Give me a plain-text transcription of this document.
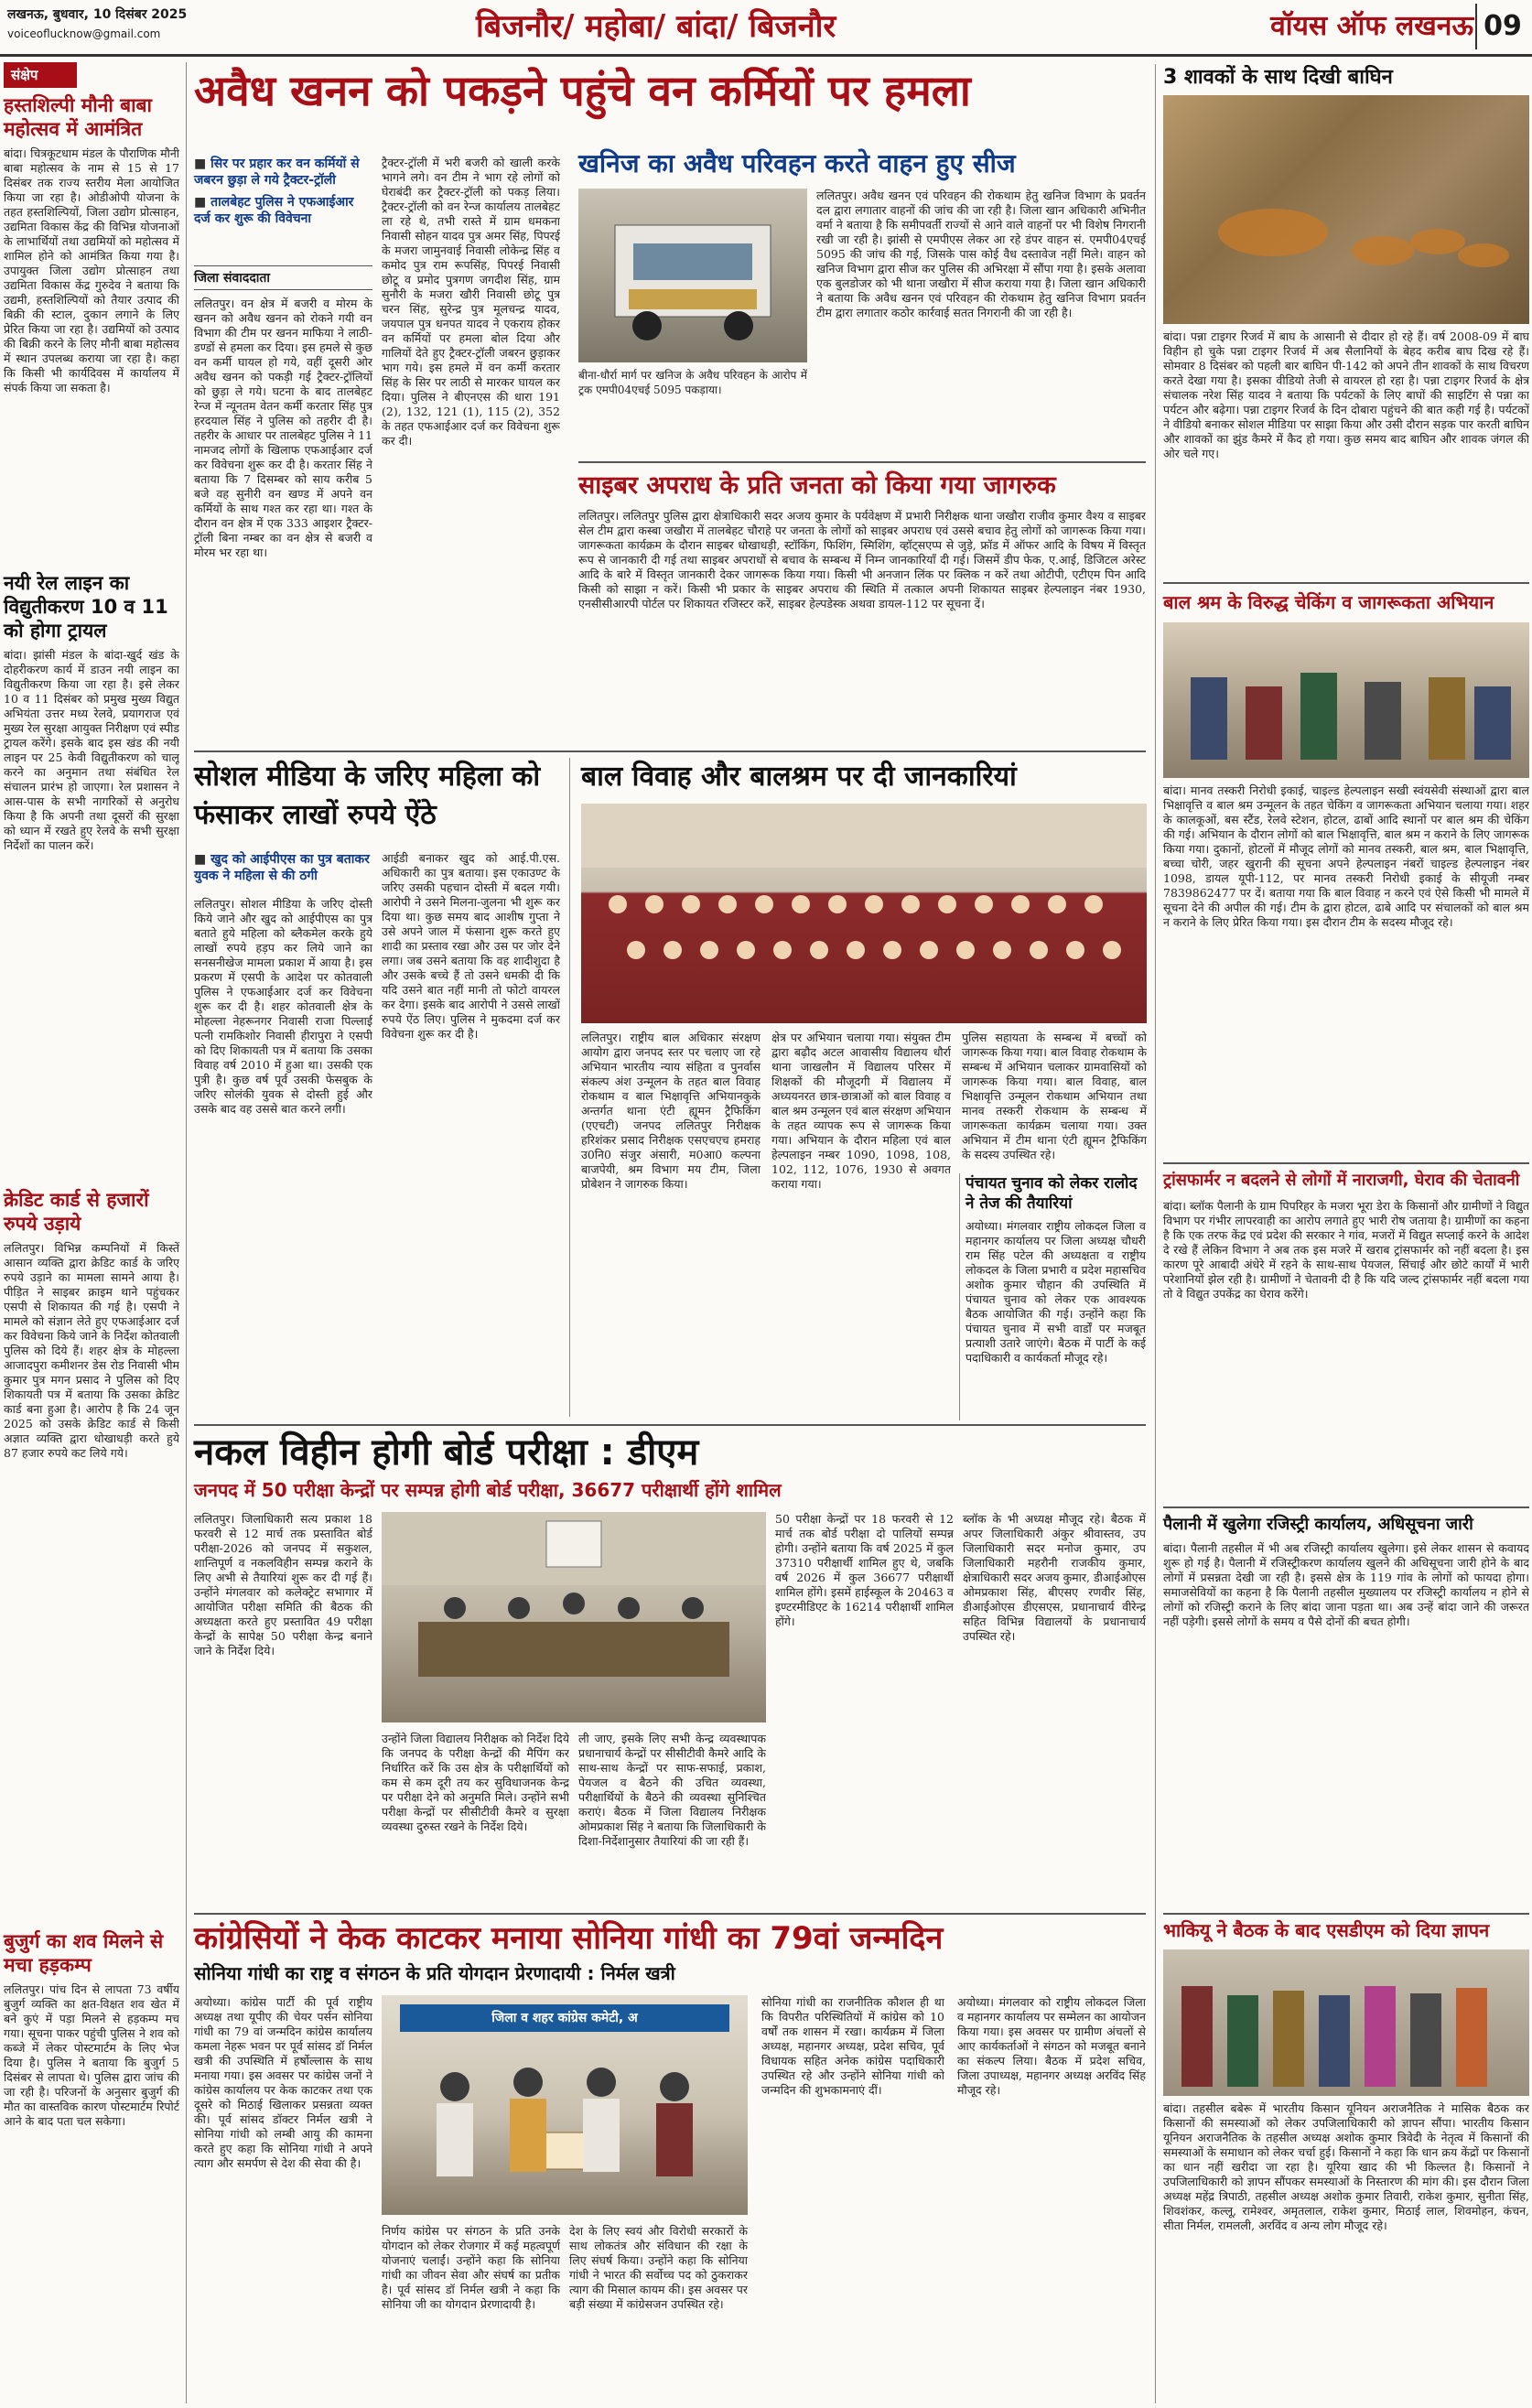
लखनऊ, बुधवार, 10 दिसंबर 2025
voiceoflucknow@gmail.com	बिजनौर/ महोबा/ बांदा/ बिजनौर	वॉयस ऑफ लखनऊ 09
संक्षेप
हस्तशिल्पी मौनी बाबा महोत्सव में आमंत्रित
बांदा। चित्रकूटधाम मंडल के पौराणिक मौनी बाबा महोत्सव के नाम से 15 से 17 दिसंबर तक राज्य स्तरीय मेला आयोजित किया जा रहा है। ओडीओपी योजना के तहत हस्तशिल्पियों, जिला उद्योग प्रोत्साहन, उद्यमिता विकास केंद्र की विभिन्न योजनाओं के लाभार्थियों तथा उद्यमियों को महोत्सव में शामिल होने को आमंत्रित किया गया है। उपायुक्त जिला उद्योग प्रोत्साहन तथा उद्यमिता विकास केंद्र गुरुदेव ने बताया कि उद्यमी, हस्तशिल्पियों को तैयार उत्पाद की बिक्री की स्टाल, दुकान लगाने के लिए प्रेरित किया जा रहा है। उद्यमियों को उत्पाद की बिक्री करने के लिए मौनी बाबा महोत्सव में स्थान उपलब्ध कराया जा रहा है। कहा कि किसी भी कार्यदिवस में कार्यालय में संपर्क किया जा सकता है।
नयी रेल लाइन का विद्युतीकरण 10 व 11 को होगा ट्रायल
बांदा। झांसी मंडल के बांदा-खुर्द खंड के दोहरीकरण कार्य में डाउन नयी लाइन का विद्युतीकरण किया जा रहा है। इसे लेकर 10 व 11 दिसंबर को प्रमुख मुख्य विद्युत अभियंता उत्तर मध्य रेलवे, प्रयागराज एवं मुख्य रेल सुरक्षा आयुक्त निरीक्षण एवं स्पीड ट्रायल करेंगे। इसके बाद इस खंड की नयी लाइन पर 25 केवी विद्युतीकरण को चालू करने का अनुमान तथा संबंधित रेल संचालन प्रारंभ हो जाएगा। रेल प्रशासन ने आस-पास के सभी नागरिकों से अनुरोध किया है कि अपनी तथा दूसरों की सुरक्षा को ध्यान में रखते हुए रेलवे के सभी सुरक्षा निर्देशों का पालन करें।
क्रेडिट कार्ड से हजारों रुपये उड़ाये
ललितपुर। विभिन्न कम्पनियों में किस्तें आसान व्यक्ति द्वारा क्रेडिट कार्ड के जरिए रुपये उड़ाने का मामला सामने आया है। पीड़ित ने साइबर क्राइम थाने पहुंचकर एसपी से शिकायत की गई है। एसपी ने मामले को संज्ञान लेते हुए एफआईआर दर्ज कर विवेचना किये जाने के निर्देश कोतवाली पुलिस को दिये हैं। शहर क्षेत्र के मोहल्ला आजादपुरा कमीशनर डेस रोड निवासी भीम कुमार पुत्र मगन प्रसाद ने पुलिस को दिए शिकायती पत्र में बताया कि उसका क्रेडिट कार्ड बना हुआ है। आरोप है कि 24 जून 2025 को उसके क्रेडिट कार्ड से किसी अज्ञात व्यक्ति द्वारा धोखाधड़ी करते हुये 87 हजार रुपये कट लिये गये।
बुजुर्ग का शव मिलने से मचा हड़कम्प
ललितपुर। पांच दिन से लापता 73 वर्षीय बुजुर्ग व्यक्ति का क्षत-विक्षत शव खेत में बने कुएं में पड़ा मिलने से हड़कम्प मच गया। सूचना पाकर पहुंची पुलिस ने शव को कब्जे में लेकर पोस्टमार्टम के लिए भेज दिया है। पुलिस ने बताया कि बुजुर्ग 5 दिसंबर से लापता थे। पुलिस द्वारा जांच की जा रही है। परिजनों के अनुसार बुजुर्ग की मौत का वास्तविक कारण पोस्टमार्टम रिपोर्ट आने के बाद पता चल सकेगा।
अवैध खनन को पकड़ने पहुंचे वन कर्मियों पर हमला
■ सिर पर प्रहार कर वन कर्मियों से जबरन छुड़ा ले गये ट्रैक्टर-ट्रॉली
■ तालबेहट पुलिस ने एफआईआर दर्ज कर शुरू की विवेचना
जिला संवाददाता
ललितपुर। वन क्षेत्र में बजरी व मोरम के खनन को अवैध खनन को रोकने गयी वन विभाग की टीम पर खनन माफिया ने लाठी-डण्डों से हमला कर दिया। इस हमले से कुछ वन कर्मी घायल हो गये, वहीं दूसरी ओर अवैध खनन को पकड़ी गई ट्रैक्टर-ट्रॉलियों को छुड़ा ले गये। घटना के बाद तालबेहट रेन्ज में न्यूनतम वेतन कर्मी करतार सिंह पुत्र हरदयाल सिंह ने पुलिस को तहरीर दी है। तहरीर के आधार पर तालबेहट पुलिस ने 11 नामजद लोगों के खिलाफ एफआईआर दर्ज कर विवेचना शुरू कर दी है। करतार सिंह ने बताया कि 7 दिसम्बर को साय करीब 5 बजे वह सुनीरी वन खण्ड में अपने वन कर्मियों के साथ गश्त कर रहा था। गश्त के दौरान वन क्षेत्र में एक 333 आइशर ट्रैक्टर-ट्रॉली बिना नम्बर का वन क्षेत्र से बजरी व मोरम भर रहा था।
ट्रैक्टर-ट्रॉली में भरी बजरी को खाली करके भागने लगे। वन टीम ने भाग रहे लोगों को घेराबंदी कर ट्रैक्टर-ट्रॉली को पकड़ लिया। ट्रैक्टर-ट्रॉली को वन रेन्ज कार्यालय तालबेहट ला रहे थे, तभी रास्ते में ग्राम धमकना निवासी सोहन यादव पुत्र अमर सिंह, पिपरई के मजरा जामुनवाई निवासी लोकेन्द्र सिंह व कमोद पुत्र राम रूपसिंह, पिपरई निवासी छोटू व प्रमोद पुत्रगण जगदीश सिंह, ग्राम सुनौरी के मजरा खौरी निवासी छोटू पुत्र चरन सिंह, सुरेन्द्र पुत्र मूलचन्द्र यादव, जयपाल पुत्र धनपत यादव ने एकराय होकर वन कर्मियों पर हमला बोल दिया और गालियों देते हुए ट्रैक्टर-ट्रॉली जबरन छुड़ाकर भाग गये। इस हमले में वन कर्मी करतार सिंह के सिर पर लाठी से मारकर घायल कर दिया। पुलिस ने बीएनएस की धारा 191 (2), 132, 121 (1), 115 (2), 352 के तहत एफआईआर दर्ज कर विवेचना शुरू कर दी।
खनिज का अवैध परिवहन करते वाहन हुए सीज
ललितपुर। अवैध खनन एवं परिवहन की रोकथाम हेतु खनिज विभाग के प्रवर्तन दल द्वारा लगातार वाहनों की जांच की जा रही है। जिला खान अधिकारी अभिनीत वर्मा ने बताया है कि समीपवर्ती राज्यों से आने वाले वाहनों पर भी विशेष निगरानी रखी जा रही है। झांसी से एमपीएस लेकर आ रहे डंपर वाहन सं. एमपी04एचई 5095 की जांच की गई, जिसके पास कोई वैध दस्तावेज नहीं मिले। वाहन को खनिज विभाग द्वारा सीज कर पुलिस की अभिरक्षा में सौंपा गया है। इसके अलावा एक बुलडोजर को भी थाना जखौरा में सीज कराया गया है। जिला खान अधिकारी ने बताया कि अवैध खनन एवं परिवहन की रोकथाम हेतु खनिज विभाग प्रवर्तन टीम द्वारा लगातार कठोर कार्रवाई सतत निगरानी की जा रही है।
बीना-धौर्रा मार्ग पर खनिज के अवैध परिवहन के आरोप में ट्रक एमपी04एचई 5095 पकड़ाया।
साइबर अपराध के प्रति जनता को किया गया जागरुक
ललितपुर। ललितपुर पुलिस द्वारा क्षेत्राधिकारी सदर अजय कुमार के पर्यवेक्षण में प्रभारी निरीक्षक थाना जखौरा राजीव कुमार वैश्य व साइबर सेल टीम द्वारा कस्बा जखौरा में तालबेहट चौराहे पर जनता के लोगों को साइबर अपराध एवं उससे बचाव हेतु लोगों को जागरूक किया गया। जागरूकता कार्यक्रम के दौरान साइबर धोखाधड़ी, स्टॉकिंग, फिशिंग, स्मिशिंग, व्हॉट्सएप्प से जुड़े, फ्रॉड में ऑफर आदि के विषय में विस्तृत रूप से जानकारी दी गई तथा साइबर अपराधों से बचाव के सम्बन्ध में निम्न जानकारियाँ दी गई। जिसमें डीप फेक, ए.आई, डिजिटल अरेस्ट आदि के बारे में विस्तृत जानकारी देकर जागरूक किया गया। किसी भी अनजान लिंक पर क्लिक न करें तथा ओटीपी, एटीएम पिन आदि किसी को साझा न करें। किसी भी प्रकार के साइबर अपराध की स्थिति में तत्काल अपनी शिकायत साइबर हेल्पलाइन नंबर 1930, एनसीसीआरपी पोर्टल पर शिकायत रजिस्टर करें, साइबर हेल्पडेस्क अथवा डायल-112 पर सूचना दें।
3 शावकों के साथ दिखी बाघिन
बांदा। पन्ना टाइगर रिजर्व में बाघ के आसानी से दीदार हो रहे हैं। वर्ष 2008-09 में बाघ विहीन हो चुके पन्ना टाइगर रिजर्व में अब सैलानियों के बेहद करीब बाघ दिख रहे हैं। सोमवार 8 दिसंबर को पहली बार बाघिन पी-142 को अपने तीन शावकों के साथ विचरण करते देखा गया है। इसका वीडियो तेजी से वायरल हो रहा है। पन्ना टाइगर रिजर्व के क्षेत्र संचालक नरेश सिंह यादव ने बताया कि पर्यटकों के लिए बाघों की साइटिंग से पन्ना का पर्यटन और बढ़ेगा। पन्ना टाइगर रिजर्व के दिन दोबारा पहुंचने की बात कही गई है। पर्यटकों ने वीडियो बनाकर सोशल मीडिया पर साझा किया और उसी दौरान सड़क पार करती बाघिन और शावकों का झुंड कैमरे में कैद हो गया। कुछ समय बाद बाघिन और शावक जंगल की ओर चले गए।
बाल श्रम के विरुद्ध चेकिंग व जागरूकता अभियान
बांदा। मानव तस्करी निरोधी इकाई, चाइल्ड हेल्पलाइन सखी स्वंयसेवी संस्थाओं द्वारा बाल भिक्षावृत्ति व बाल श्रम उन्मूलन के तहत चेकिंग व जागरूकता अभियान चलाया गया। शहर के कालकूओं, बस स्टैंड, रेलवे स्टेशन, होटल, ढाबों आदि स्थानों पर बाल श्रम की चेकिंग की गई। अभियान के दौरान लोगों को बाल भिक्षावृत्ति, बाल श्रम न कराने के लिए जागरूक किया गया। दुकानों, होटलों में मौजूद लोगों को मानव तस्करी, बाल श्रम, बाल भिक्षावृत्ति, बच्चा चोरी, जहर खुरानी की सूचना अपने हेल्पलाइन नंबरों चाइल्ड हेल्पलाइन नंबर 1098, डायल यूपी-112, पर मानव तस्करी निरोधी इकाई के सीयूजी नम्बर 7839862477 पर दें। बताया गया कि बाल विवाह न करने एवं ऐसे किसी भी मामले में सूचना देने की अपील की गई। टीम के द्वारा होटल, ढाबे आदि पर संचालकों को बाल श्रम न कराने के लिए प्रेरित किया गया। इस दौरान टीम के सदस्य मौजूद रहे।
ट्रांसफार्मर न बदलने से लोगों में नाराजगी, घेराव की चेतावनी
बांदा। ब्लॉक पैलानी के ग्राम पिपरिहर के मजरा भूरा डेरा के किसानों और ग्रामीणों ने विद्युत विभाग पर गंभीर लापरवाही का आरोप लगाते हुए भारी रोष जताया है। ग्रामीणों का कहना है कि एक तरफ केंद्र एवं प्रदेश की सरकार ने गांव, मजरों में विद्युत सप्लाई करने के आदेश दे रखे हैं लेकिन विभाग ने अब तक इस मजरे में खराब ट्रांसफार्मर को नहीं बदला है। इस कारण पूरे आबादी अंधेरे में रहने के साथ-साथ पेयजल, सिंचाई और छोटे कार्यों में भारी परेशानियों झेल रही है। ग्रामीणों ने चेतावनी दी है कि यदि जल्द ट्रांसफार्मर नहीं बदला गया तो वे विद्युत उपकेंद्र का घेराव करेंगे।
पैलानी में खुलेगा रजिस्ट्री कार्यालय, अधिसूचना जारी
बांदा। पैलानी तहसील में भी अब रजिस्ट्री कार्यालय खुलेगा। इसे लेकर शासन से कवायद शुरू हो गई है। पैलानी में रजिस्ट्रीकरण कार्यालय खुलने की अधिसूचना जारी होने के बाद लोगों में प्रसन्नता देखी जा रही है। इससे क्षेत्र के 119 गांव के लोगों को फायदा होगा। समाजसेवियों का कहना है कि पैलानी तहसील मुख्यालय पर रजिस्ट्री कार्यालय न होने से लोगों को रजिस्ट्री कराने के लिए बांदा जाना पड़ता था। अब उन्हें बांदा जाने की जरूरत नहीं पड़ेगी। इससे लोगों के समय व पैसे दोनों की बचत होगी।
भाकियू ने बैठक के बाद एसडीएम को दिया ज्ञापन
बांदा। तहसील बबेरू में भारतीय किसान यूनियन अराजनैतिक ने मासिक बैठक कर किसानों की समस्याओं को लेकर उपजिलाधिकारी को ज्ञापन सौंपा। भारतीय किसान यूनियन अराजनैतिक के तहसील अध्यक्ष अशोक कुमार त्रिवेदी के नेतृत्व में किसानों की समस्याओं के समाधान को लेकर चर्चा हुई। किसानों ने कहा कि धान क्रय केंद्रों पर किसानों का धान नहीं खरीदा जा रहा है। यूरिया खाद की भी किल्लत है। किसानों ने उपजिलाधिकारी को ज्ञापन सौंपकर समस्याओं के निस्तारण की मांग की। इस दौरान जिला अध्यक्ष महेंद्र त्रिपाठी, तहसील अध्यक्ष अशोक कुमार तिवारी, राकेश कुमार, सुनीता सिंह, शिवशंकर, कल्लू, रामेश्वर, अमृतलाल, राकेश कुमार, मिठाई लाल, शिवमोहन, कंचन, सीता निर्मल, रामलली, अरविंद व अन्य लोग मौजूद रहे।
सोशल मीडिया के जरिए महिला को फंसाकर लाखों रुपये ऐंठे
■ खुद को आईपीएस का पुत्र बताकर युवक ने महिला से की ठगी
ललितपुर। सोशल मीडिया के जरिए दोस्ती किये जाने और खुद को आईपीएस का पुत्र बताते हुये महिला को ब्लैकमेल करके हुये लाखों रुपये हड़प कर लिये जाने का सनसनीखेज मामला प्रकाश में आया है। इस प्रकरण में एसपी के आदेश पर कोतवाली पुलिस ने एफआईआर दर्ज कर विवेचना शुरू कर दी है। शहर कोतवाली क्षेत्र के मोहल्ला नेहरूनगर निवासी राजा पिल्लाई पत्नी रामकिशोर निवासी हीरापुरा ने एसपी को दिए शिकायती पत्र में बताया कि उसका विवाह वर्ष 2010 में हुआ था। उसकी एक पुत्री है। कुछ वर्ष पूर्व उसकी फेसबुक के जरिए सोलंकी युवक से दोस्ती हुई और उसके बाद वह उससे बात करने लगी।
आईडी बनाकर खुद को आई.पी.एस. अधिकारी का पुत्र बताया। इस एकाउण्ट के जरिए उसकी पहचान दोस्ती में बदल गयी। आरोपी ने उसने मिलना-जुलना भी शुरू कर दिया था। कुछ समय बाद आशीष गुप्ता ने उसे अपने जाल में फंसाना शुरू करते हुए शादी का प्रस्ताव रखा और उस पर जोर देने लगा। जब उसने बताया कि वह शादीशुदा है और उसके बच्चे हैं तो उसने धमकी दी कि यदि उसने बात नहीं मानी तो फोटो वायरल कर देगा। इसके बाद आरोपी ने उससे लाखों रुपये ऐंठ लिए। पुलिस ने मुकदमा दर्ज कर विवेचना शुरू कर दी है।
बाल विवाह और बालश्रम पर दी जानकारियां
ललितपुर। राष्ट्रीय बाल अधिकार संरक्षण आयोग द्वारा जनपद स्तर पर चलाए जा रहे अभियान भारतीय न्याय संहिता व पुनर्वास संकल्प अंश उन्मूलन के तहत बाल विवाह रोकथाम व बाल भिक्षावृत्ति अभियानकुके अन्तर्गत थाना एंटी ह्यूमन ट्रैफिकिंग (एएचटी) जनपद ललितपुर निरीक्षक हरिशंकर प्रसाद निरीक्षक एसएचएच हमराह उ0नि0 संजुर अंसारी, म0आ0 कल्पना बाजपेयी, श्रम विभाग मय टीम, जिला प्रोबेशन ने जागरुक किया।
क्षेत्र पर अभियान चलाया गया। संयुक्त टीम द्वारा बढ़ौद अटल आवासीय विद्यालय धौर्रा थाना जाखलौन में विद्यालय परिसर में शिक्षकों की मौजूदगी में विद्यालय में अध्ययनरत छात्र-छात्राओं को बाल विवाह व बाल श्रम उन्मूलन एवं बाल संरक्षण अभियान के तहत व्यापक रूप से जागरूक किया गया। अभियान के दौरान महिला एवं बाल हेल्पलाइन नम्बर 1090, 1098, 108, 102, 112, 1076, 1930 से अवगत कराया गया।
पुलिस सहायता के सम्बन्ध में बच्चों को जागरूक किया गया। बाल विवाह रोकथाम के सम्बन्ध में अभियान चलाकर ग्रामवासियों को जागरूक किया गया। बाल विवाह, बाल भिक्षावृत्ति उन्मूलन रोकथाम अभियान तथा मानव तस्करी रोकथाम के सम्बन्ध में जागरूकता कार्यक्रम चलाया गया। उक्त अभियान में टीम थाना एंटी ह्यूमन ट्रैफिकिंग के सदस्य उपस्थित रहे।
नकल विहीन होगी बोर्ड परीक्षा : डीएम
जनपद में 50 परीक्षा केन्द्रों पर सम्पन्न होगी बोर्ड परीक्षा, 36677 परीक्षार्थी होंगे शामिल
ललितपुर। जिलाधिकारी सत्य प्रकाश 18 फरवरी से 12 मार्च तक प्रस्तावित बोर्ड परीक्षा-2026 को जनपद में सकुशल, शान्तिपूर्ण व नकलविहीन सम्पन्न कराने के लिए अभी से तैयारियां शुरू कर दी गई हैं। उन्होंने मंगलवार को कलेक्ट्रेट सभागार में आयोजित परीक्षा समिति की बैठक की अध्यक्षता करते हुए प्रस्तावित 49 परीक्षा केन्द्रों के सापेक्ष 50 परीक्षा केन्द्र बनाने जाने के निर्देश दिये।
उन्होंने जिला विद्यालय निरीक्षक को निर्देश दिये कि जनपद के परीक्षा केन्द्रों की मैपिंग कर निर्धारित करें कि उस क्षेत्र के परीक्षार्थियों को कम से कम दूरी तय कर सुविधाजनक केन्द्र पर परीक्षा देने को अनुमति मिले। उन्होंने सभी परीक्षा केन्द्रों पर सीसीटीवी कैमरे व सुरक्षा व्यवस्था दुरुस्त रखने के निर्देश दिये।
ली जाए, इसके लिए सभी केन्द्र व्यवस्थापक प्रधानाचार्य केन्द्रों पर सीसीटीवी कैमरे आदि के साथ-साथ केन्द्रों पर साफ-सफाई, प्रकाश, पेयजल व बैठने की उचित व्यवस्था, परीक्षार्थियों के बैठने की व्यवस्था सुनिश्चित कराएं। बैठक में जिला विद्यालय निरीक्षक ओमप्रकाश सिंह ने बताया कि जिलाधिकारी के दिशा-निर्देशानुसार तैयारियां की जा रही हैं।
50 परीक्षा केन्द्रों पर 18 फरवरी से 12 मार्च तक बोर्ड परीक्षा दो पालियों सम्पन्न होगी। उन्होंने बताया कि वर्ष 2025 में कुल 37310 परीक्षार्थी शामिल हुए थे, जबकि वर्ष 2026 में कुल 36677 परीक्षार्थी शामिल होंगे। इसमें हाईस्कूल के 20463 व इण्टरमीडिएट के 16214 परीक्षार्थी शामिल होंगे।
ब्लॉक के भी अध्यक्ष मौजूद रहे। बैठक में अपर जिलाधिकारी अंकुर श्रीवास्तव, उप जिलाधिकारी सदर मनोज कुमार, उप जिलाधिकारी महरौनी राजकीय कुमार, क्षेत्राधिकारी सदर अजय कुमार, डीआईओएस ओमप्रकाश सिंह, बीएसए रणवीर सिंह, डीआईओएस डीएसएस, प्रधानाचार्य वीरेन्द्र सहित विभिन्न विद्यालयों के प्रधानाचार्य उपस्थित रहे।
पंचायत चुनाव को लेकर रालोद ने तेज की तैयारियां
अयोध्या। मंगलवार राष्ट्रीय लोकदल जिला व महानगर कार्यालय पर जिला अध्यक्ष चौधरी राम सिंह पटेल की अध्यक्षता व राष्ट्रीय लोकदल के जिला प्रभारी व प्रदेश महासचिव अशोक कुमार चौहान की उपस्थिति में पंचायत चुनाव को लेकर एक आवश्यक बैठक आयोजित की गई। उन्होंने कहा कि पंचायत चुनाव में सभी वार्डों पर मजबूत प्रत्याशी उतारे जाएंगे। बैठक में पार्टी के कई पदाधिकारी व कार्यकर्ता मौजूद रहे।
कांग्रेसियों ने केक काटकर मनाया सोनिया गांधी का 79वां जन्मदिन
सोनिया गांधी का राष्ट्र व संगठन के प्रति योगदान प्रेरणादायी : निर्मल खत्री
अयोध्या। कांग्रेस पार्टी की पूर्व राष्ट्रीय अध्यक्ष तथा यूपीए की चेयर पर्सन सोनिया गांधी का 79 वां जन्मदिन कांग्रेस कार्यालय कमला नेहरू भवन पर पूर्व सांसद डॉ निर्मल खत्री की उपस्थिति में हर्षोल्लास के साथ मनाया गया। इस अवसर पर कांग्रेस जनों ने कांग्रेस कार्यालय पर केक काटकर तथा एक दूसरे को मिठाई खिलाकर प्रसन्नता व्यक्त की। पूर्व सांसद डॉक्टर निर्मल खत्री ने सोनिया गांधी को लम्बी आयु की कामना करते हुए कहा कि सोनिया गांधी ने अपने त्याग और समर्पण से देश की सेवा की है।
जिला व शहर कांग्रेस कमेटी, अ
निर्णय कांग्रेस पर संगठन के प्रति उनके योगदान को लेकर रोजगार में कई महत्वपूर्ण योजनाएं चलाईं। उन्होंने कहा कि सोनिया गांधी का जीवन सेवा और संघर्ष का प्रतीक है। पूर्व सांसद डॉ निर्मल खत्री ने कहा कि सोनिया जी का योगदान प्रेरणादायी है।
देश के लिए स्वयं और विरोधी सरकारों के साथ लोकतंत्र और संविधान की रक्षा के लिए संघर्ष किया। उन्होंने कहा कि सोनिया गांधी ने भारत की सर्वोच्च पद को ठुकराकर त्याग की मिसाल कायम की। इस अवसर पर बड़ी संख्या में कांग्रेसजन उपस्थित रहे।
सोनिया गांधी का राजनीतिक कौशल ही था कि विपरीत परिस्थितियों में कांग्रेस को 10 वर्षों तक शासन में रखा। कार्यक्रम में जिला अध्यक्ष, महानगर अध्यक्ष, प्रदेश सचिव, पूर्व विधायक सहित अनेक कांग्रेस पदाधिकारी उपस्थित रहे और उन्होंने सोनिया गांधी को जन्मदिन की शुभकामनाएं दीं।
अयोध्या। मंगलवार को राष्ट्रीय लोकदल जिला व महानगर कार्यालय पर सम्मेलन का आयोजन किया गया। इस अवसर पर ग्रामीण अंचलों से आए कार्यकर्ताओं ने संगठन को मजबूत बनाने का संकल्प लिया। बैठक में प्रदेश सचिव, जिला उपाध्यक्ष, महानगर अध्यक्ष अरविंद सिंह मौजूद रहे।
